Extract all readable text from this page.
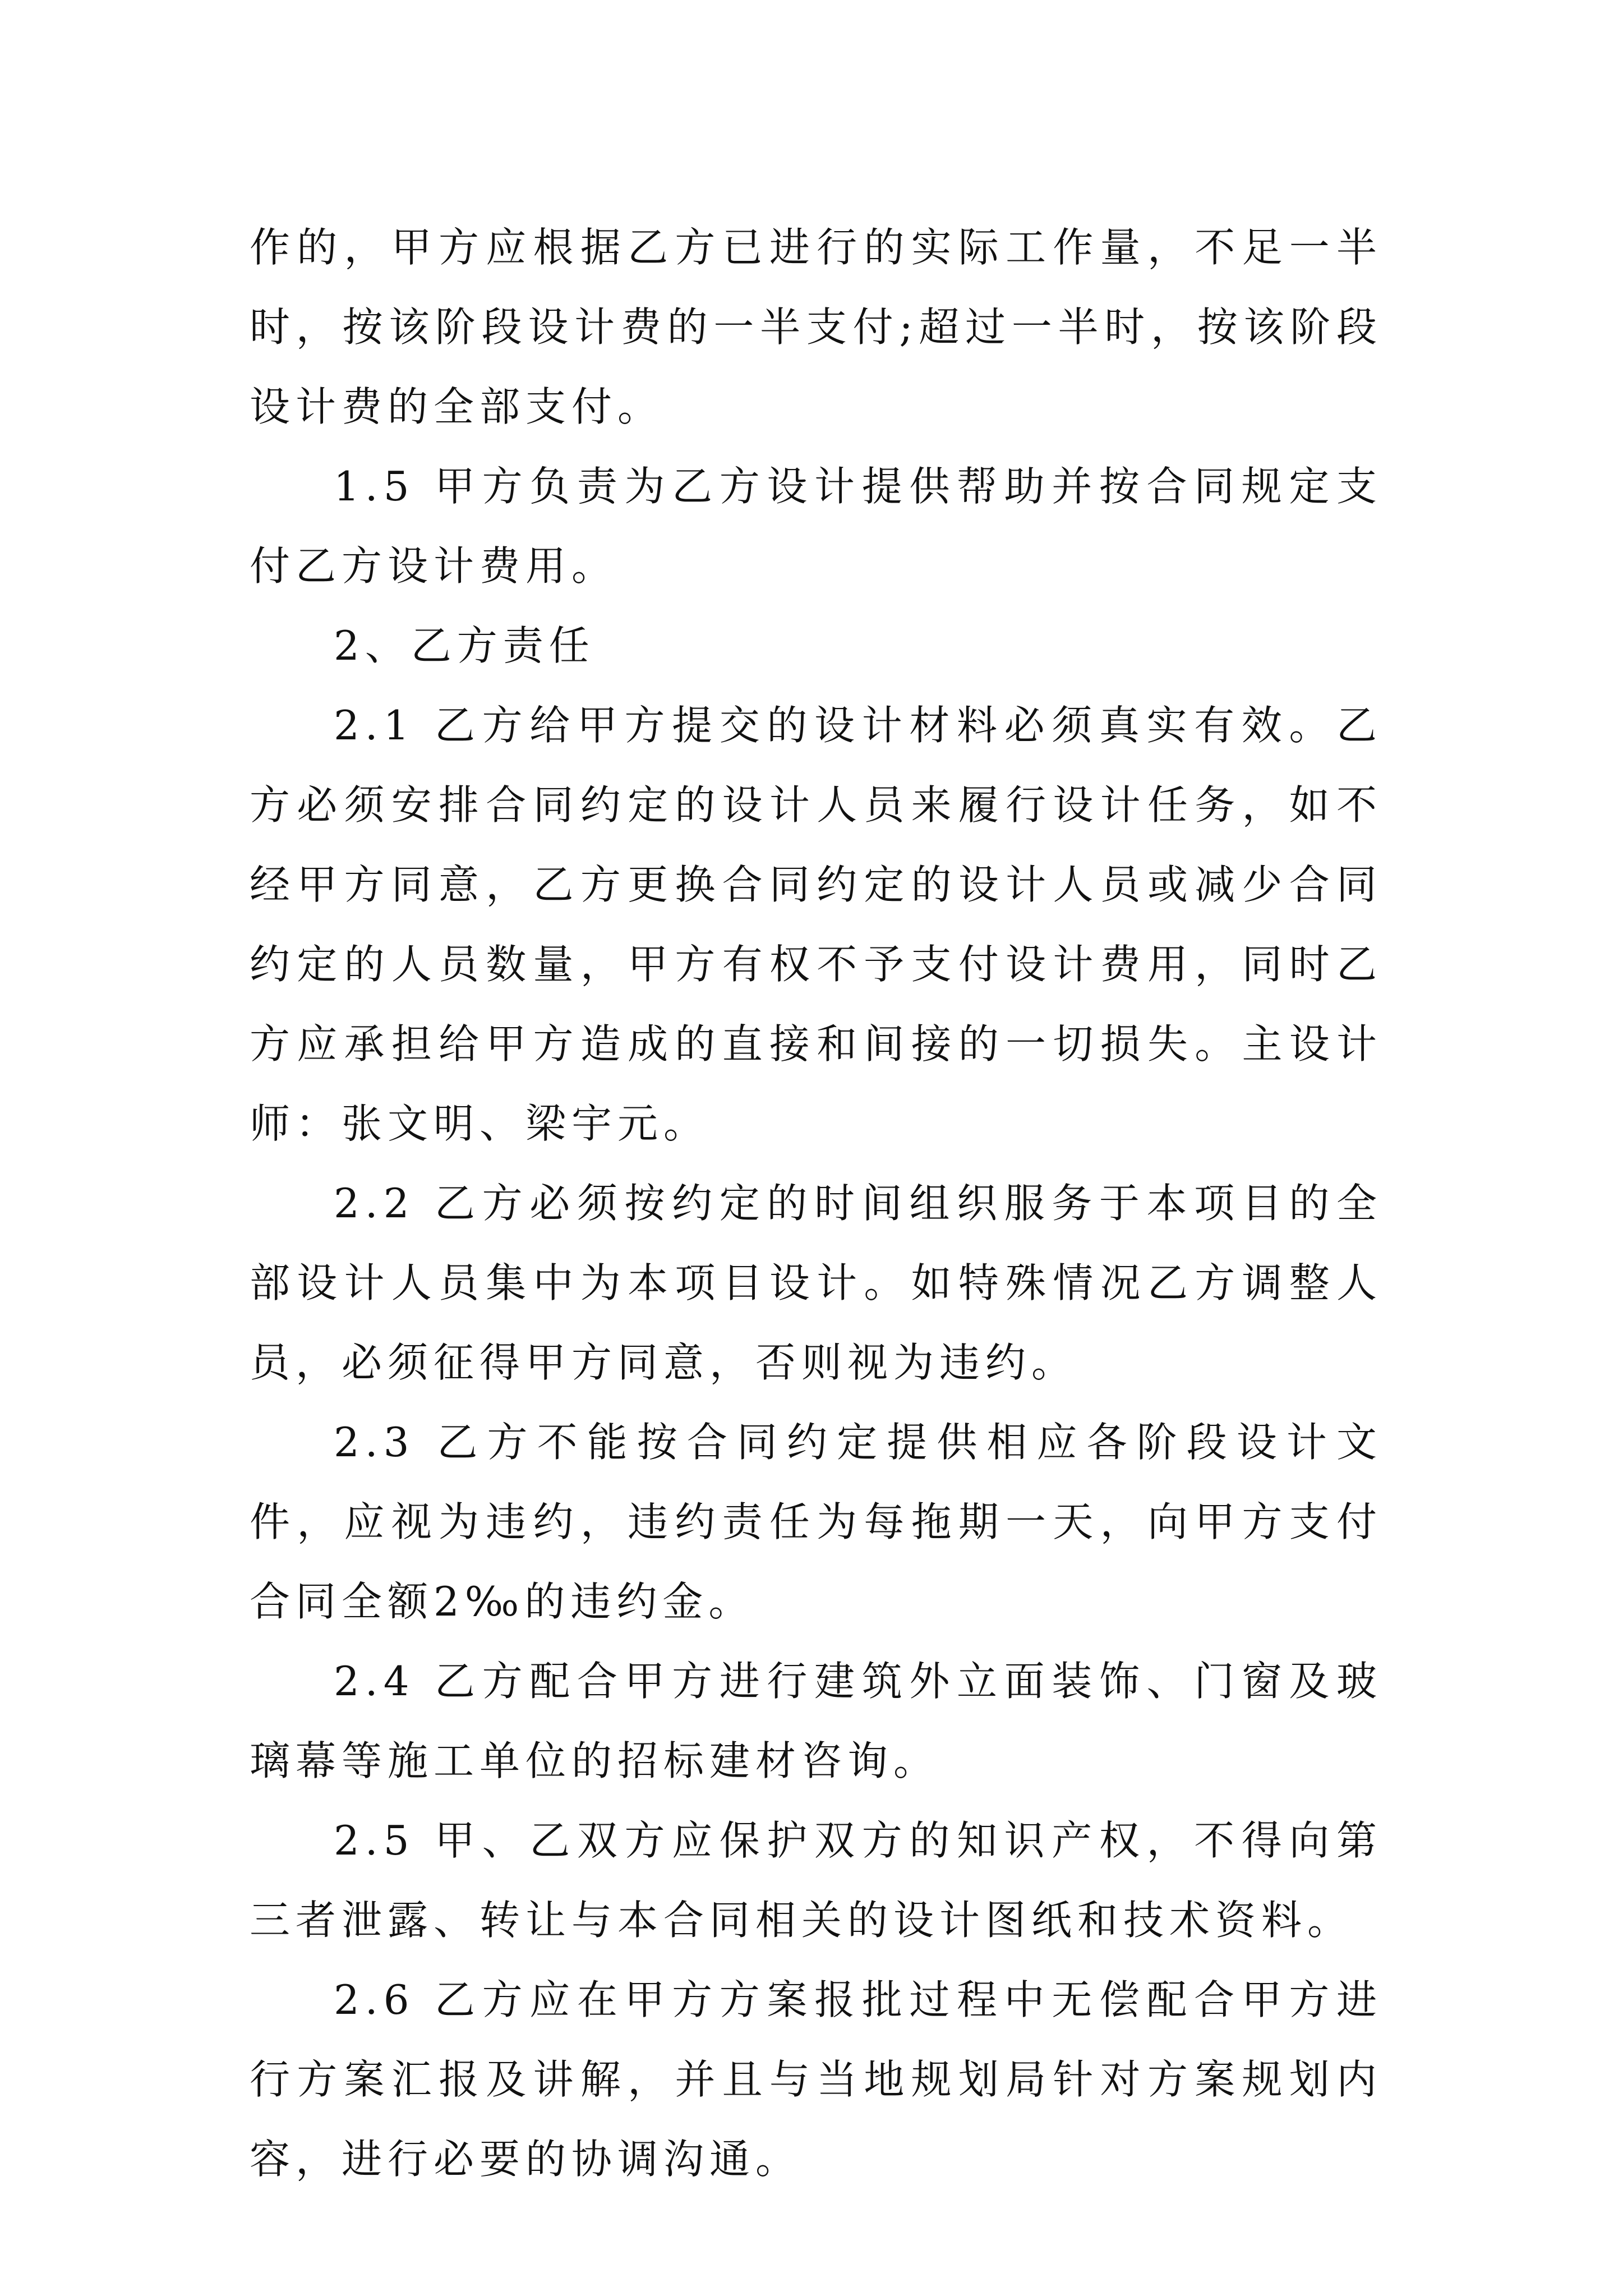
作的，甲方应根据乙方已进行的实际工作量，不足一半时，按该阶段设计费的一半支付;超过一半时，按该阶段设计费的全部支付。

1.5 甲方负责为乙方设计提供帮助并按合同规定支付乙方设计费用。

2、乙方责任

2.1 乙方给甲方提交的设计材料必须真实有效。乙方必须安排合同约定的设计人员来履行设计任务，如不经甲方同意，乙方更换合同约定的设计人员或减少合同约定的人员数量，甲方有权不予支付设计费用，同时乙方应承担给甲方造成的直接和间接的一切损失。主设计师：张文明、梁宇元。

2.2 乙方必须按约定的时间组织服务于本项目的全部设计人员集中为本项目设计。如特殊情况乙方调整人员，必须征得甲方同意，否则视为违约。

2.3 乙方不能按合同约定提供相应各阶段设计文件，应视为违约，违约责任为每拖期一天，向甲方支付合同全额2‰的违约金。

2.4 乙方配合甲方进行建筑外立面装饰、门窗及玻璃幕等施工单位的招标建材咨询。

2.5 甲、乙双方应保护双方的知识产权，不得向第三者泄露、转让与本合同相关的设计图纸和技术资料。

2.6 乙方应在甲方方案报批过程中无偿配合甲方进行方案汇报及讲解，并且与当地规划局针对方案规划内容，进行必要的协调沟通。
